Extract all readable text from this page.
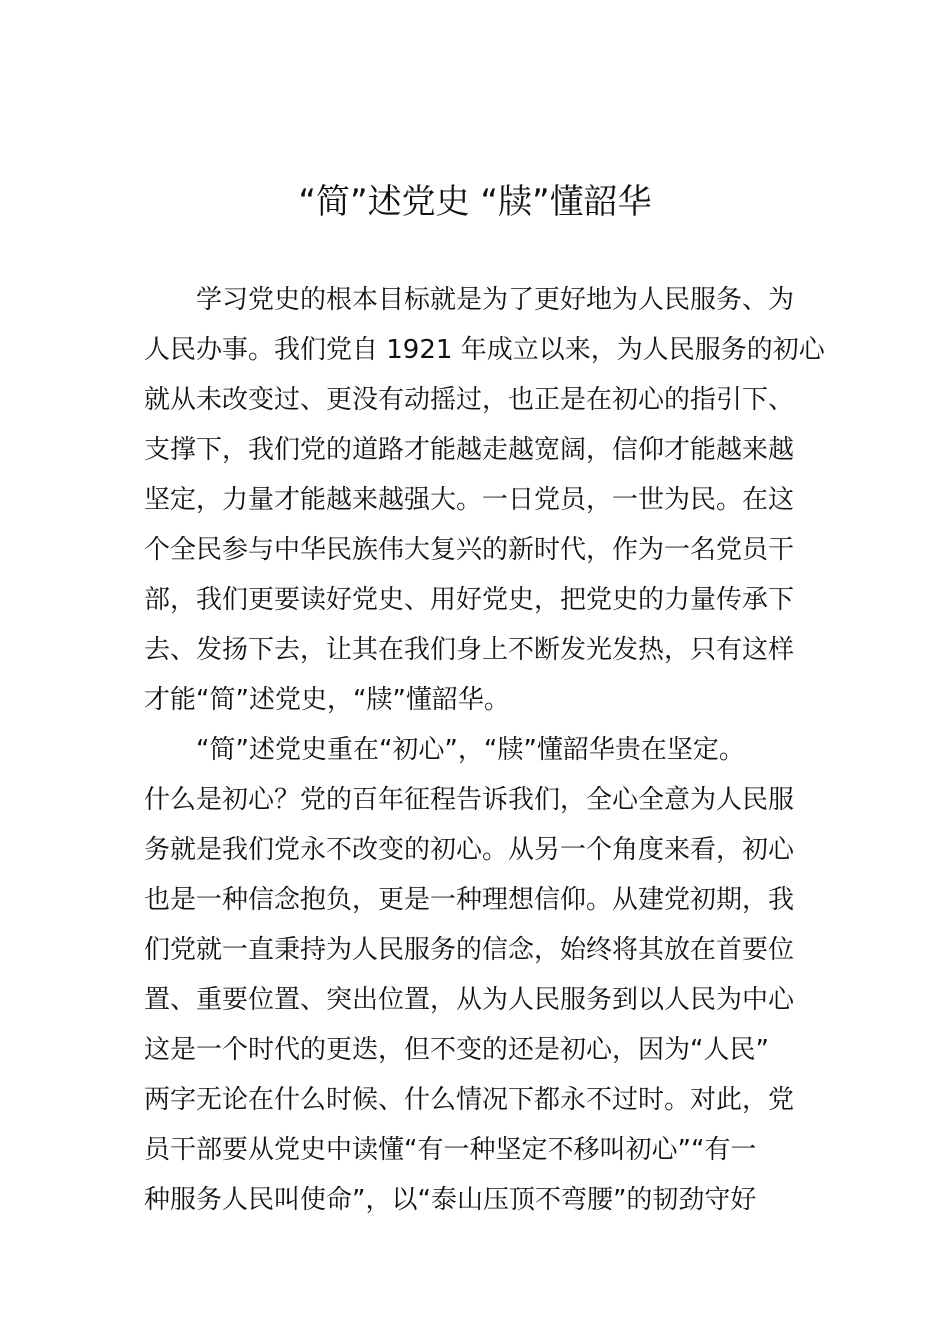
“简”述党史 “牍”懂韶华
学习党史的根本目标就是为了更好地为人民服务、为
人民办事。我们党自 1921 年成立以来，为人民服务的初心
就从未改变过、更没有动摇过，也正是在初心的指引下、
支撑下，我们党的道路才能越走越宽阔，信仰才能越来越
坚定，力量才能越来越强大。一日党员，一世为民。在这
个全民参与中华民族伟大复兴的新时代，作为一名党员干
部，我们更要读好党史、用好党史，把党史的力量传承下
去、发扬下去，让其在我们身上不断发光发热，只有这样
才能“简”述党史，“牍”懂韶华。
“简”述党史重在“初心”，“牍”懂韶华贵在坚定。
什么是初心？党的百年征程告诉我们，全心全意为人民服
务就是我们党永不改变的初心。从另一个角度来看，初心
也是一种信念抱负，更是一种理想信仰。从建党初期，我
们党就一直秉持为人民服务的信念，始终将其放在首要位
置、重要位置、突出位置，从为人民服务到以人民为中心
这是一个时代的更迭，但不变的还是初心，因为“人民”
两字无论在什么时候、什么情况下都永不过时。对此，党
员干部要从党史中读懂“有一种坚定不移叫初心”“有一
种服务人民叫使命”，以“泰山压顶不弯腰”的韧劲守好
